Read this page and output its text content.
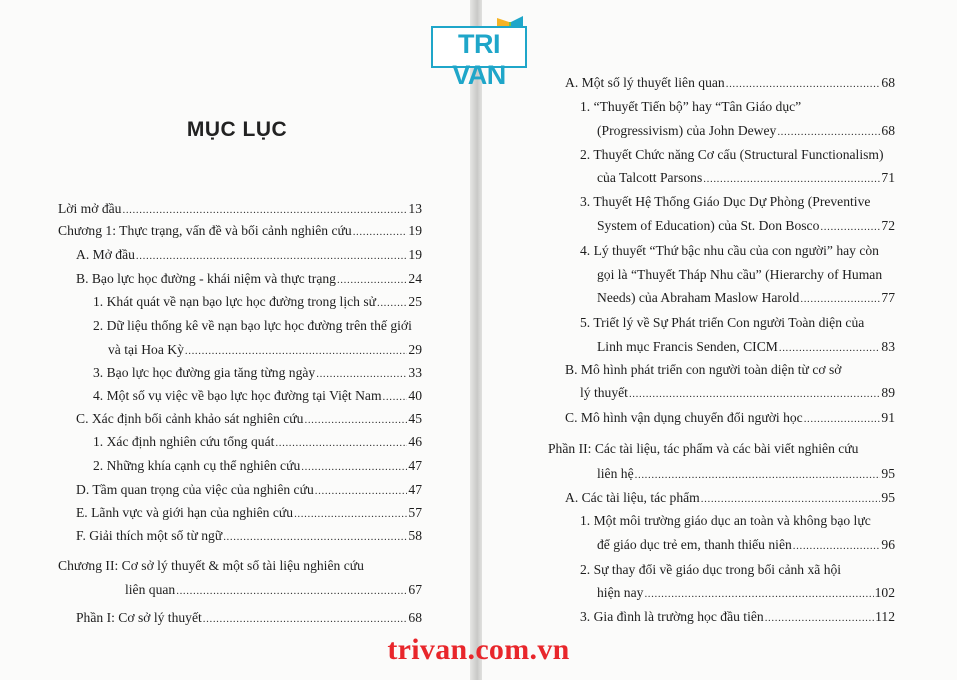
MỤC LỤC
Lời mở đầu .....	13
Chương 1: Thực trạng, vấn đề và bối cảnh nghiên cứu .....	19
A. Mở đầu .....	19
B. Bạo lực học đường - khái niệm và thực trạng .....	24
1. Khát quát về nạn bạo lực học đường trong lịch sử ..... 25
2. Dữ liệu thống kê về nạn bạo lực học đường trên thế giới
và tại Hoa Kỳ .....	29
3. Bạo lực học đường gia tăng từng ngày .....	33
4. Một số vụ việc về bạo lực học đường tại Việt Nam ..... 40
C. Xác định bối cảnh khảo sát nghiên cứu .....	45
1. Xác định nghiên cứu tổng quát .....	46
2. Những khía cạnh cụ thể nghiên cứu .....	47
D. Tầm quan trọng của việc của nghiên cứu .....	47
E. Lãnh vực và giới hạn của nghiên cứu .....	57
F. Giải thích một số từ ngữ .....	58
Chương II: Cơ sở lý thuyết & một số tài liệu nghiên cứu
liên quan .....	67
Phần I: Cơ sở lý thuyết .....	68
A. Một số lý thuyết liên quan .....	68
1. “Thuyết Tiến bộ” hay “Tân Giáo dục”
(Progressivism) của John Dewey .....	68
2. Thuyết Chức năng Cơ cấu (Structural Functionalism)
của Talcott Parsons .....	71
3. Thuyết Hệ Thống Giáo Dục Dự Phòng (Preventive
System of Education) của St. Don Bosco .....	72
4. Lý thuyết “Thứ bậc nhu cầu của con người” hay còn
gọi là “Thuyết Tháp Nhu cầu” (Hierarchy of Human
Needs) của Abraham Maslow Harold .....	77
5. Triết lý về Sự Phát triển Con người Toàn diện của
Linh mục Francis Senden, CICM .....	83
B. Mô hình phát triển con người toàn diện từ cơ sở
lý thuyết .....	89
C. Mô hình vận dụng chuyển đổi người học .....	91
Phần II: Các tài liệu, tác phẩm và các bài viết nghiên cứu
liên hệ .....	95
A. Các tài liệu, tác phẩm .....	95
1. Một môi trường giáo dục an toàn và không bạo lực
để giáo dục trẻ em, thanh thiếu niên .....	96
2. Sự thay đổi về giáo dục trong bối cảnh xã hội
hiện nay .....	102
3. Gia đình là trường học đầu tiên .....	112
TRI VAN
trivan.com.vn
